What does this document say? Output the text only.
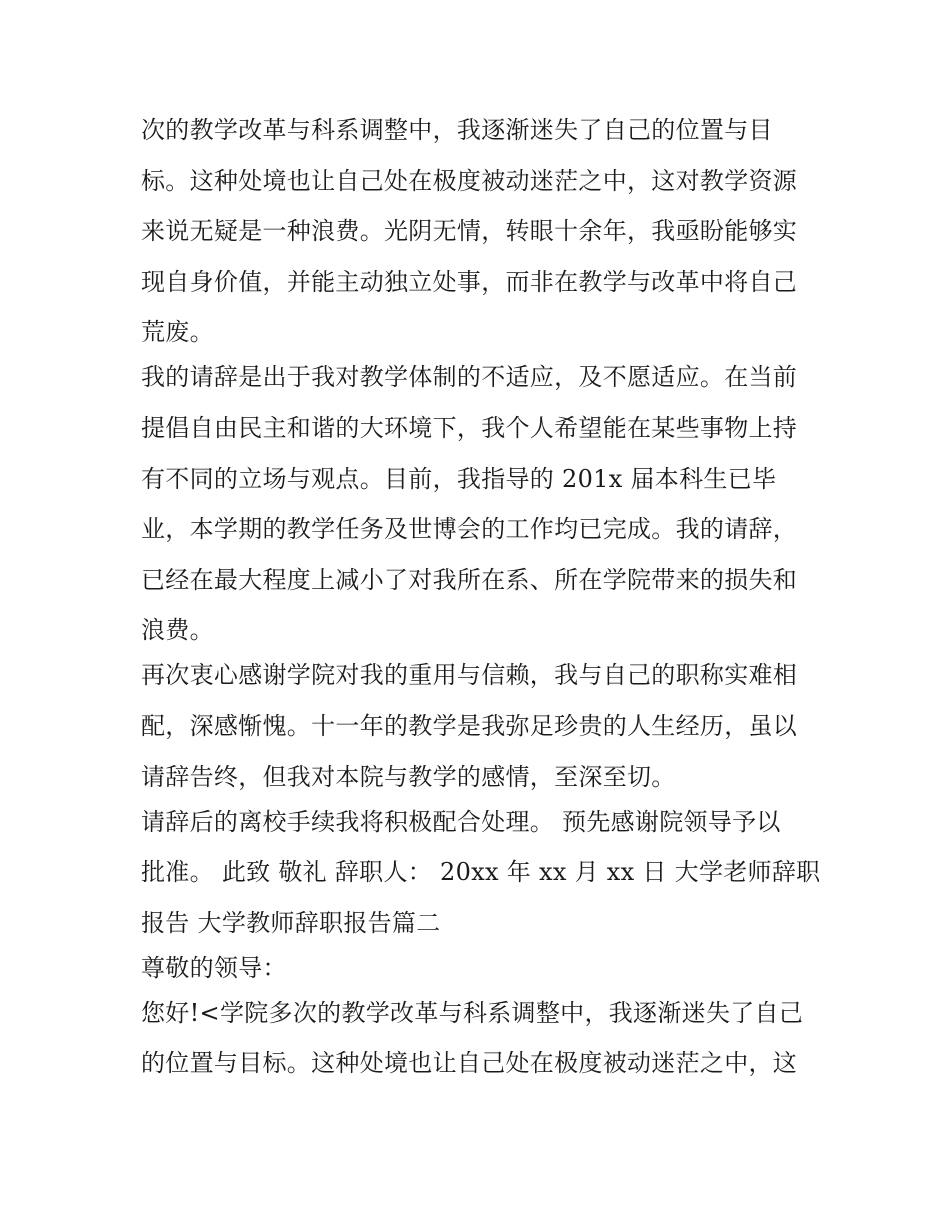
次的教学改革与科系调整中，我逐渐迷失了自己的位置与目
标。这种处境也让自己处在极度被动迷茫之中，这对教学资源
来说无疑是一种浪费。光阴无情，转眼十余年，我亟盼能够实
现自身价值，并能主动独立处事，而非在教学与改革中将自己
荒废。
我的请辞是出于我对教学体制的不适应，及不愿适应。在当前
提倡自由民主和谐的大环境下，我个人希望能在某些事物上持
有不同的立场与观点。目前，我指导的 201x 届本科生已毕
业，本学期的教学任务及世博会的工作均已完成。我的请辞，
已经在最大程度上减小了对我所在系、所在学院带来的损失和
浪费。
再次衷心感谢学院对我的重用与信赖，我与自己的职称实难相
配，深感惭愧。十一年的教学是我弥足珍贵的人生经历，虽以
请辞告终，但我对本院与教学的感情，至深至切。
请辞后的离校手续我将积极配合处理。 预先感谢院领导予以
批准。 此致 敬礼 辞职人： 20xx 年 xx 月 xx 日 大学老师辞职
报告 大学教师辞职报告篇二
尊敬的领导：
您好!<学院多次的教学改革与科系调整中，我逐渐迷失了自己
的位置与目标。这种处境也让自己处在极度被动迷茫之中，这
